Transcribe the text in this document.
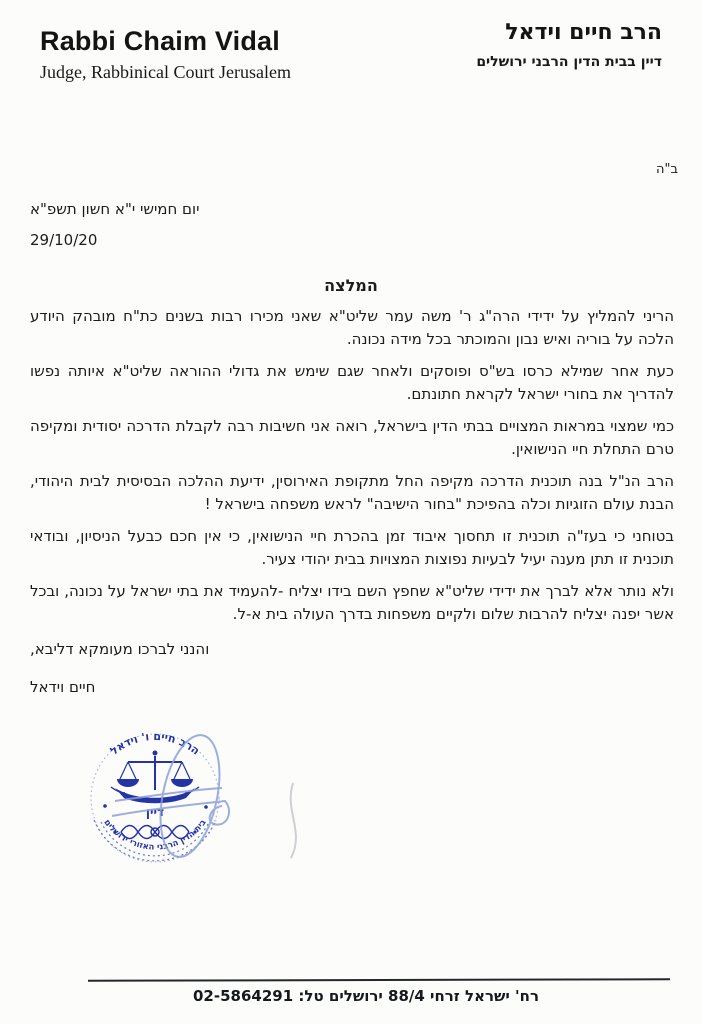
Rabbi Chaim Vidal
Judge, Rabbinical Court Jerusalem
הרב חיים וידאל
דיין בבית הדין הרבני ירושלים
ב"ה
יום חמישי י"א חשון תשפ"א
29/10/20
המלצה

הריני להמליץ על ידידי הרה"ג ר' משה עמר שליט"א שאני מכירו רבות בשנים כת"ח מובהק היודע הלכה על בוריה ואיש נבון והמוכתר בכל מידה נכונה.

כעת אחר שמילא כרסו בש"ס ופוסקים ולאחר שגם שימש את גדולי ההוראה שליט"א איותה נפשו להדריך את בחורי ישראל לקראת חתונתם.

כמי שמצוי במראות המצויים בבתי הדין בישראל, רואה אני חשיבות רבה לקבלת הדרכה יסודית ומקיפה טרם התחלת חיי הנישואין.

הרב הנ"ל בנה תוכנית הדרכה מקיפה החל מתקופת האירוסין, ידיעת ההלכה הבסיסית לבית היהודי, הבנת עולם הזוגיות וכלה בהפיכת "בחור הישיבה" לראש משפחה בישראל !

בטוחני כי בעז"ה תוכנית זו תחסוך איבוד זמן בהכרת חיי הנישואין, כי אין חכם כבעל הניסיון, ובודאי תוכנית זו תתן מענה יעיל לבעיות נפוצות המצויות בבית יהודי צעיר.

ולא נותר אלא לברך את ידידי שליט"א שחפץ השם בידו יצליח -להעמיד את בתי ישראל על נכונה, ובכל אשר יפנה יצליח להרבות שלום ולקיים משפחות בדרך העולה בית א-ל.

והנני לברכו מעומקא דליבא,
חיים וידאל
הרב חיים ו' וידאל
דיין
בית הדין הרבני האזורי ירושלים
רח' ישראל זרחי 88/4 ירושלים טל: 02-5864291
